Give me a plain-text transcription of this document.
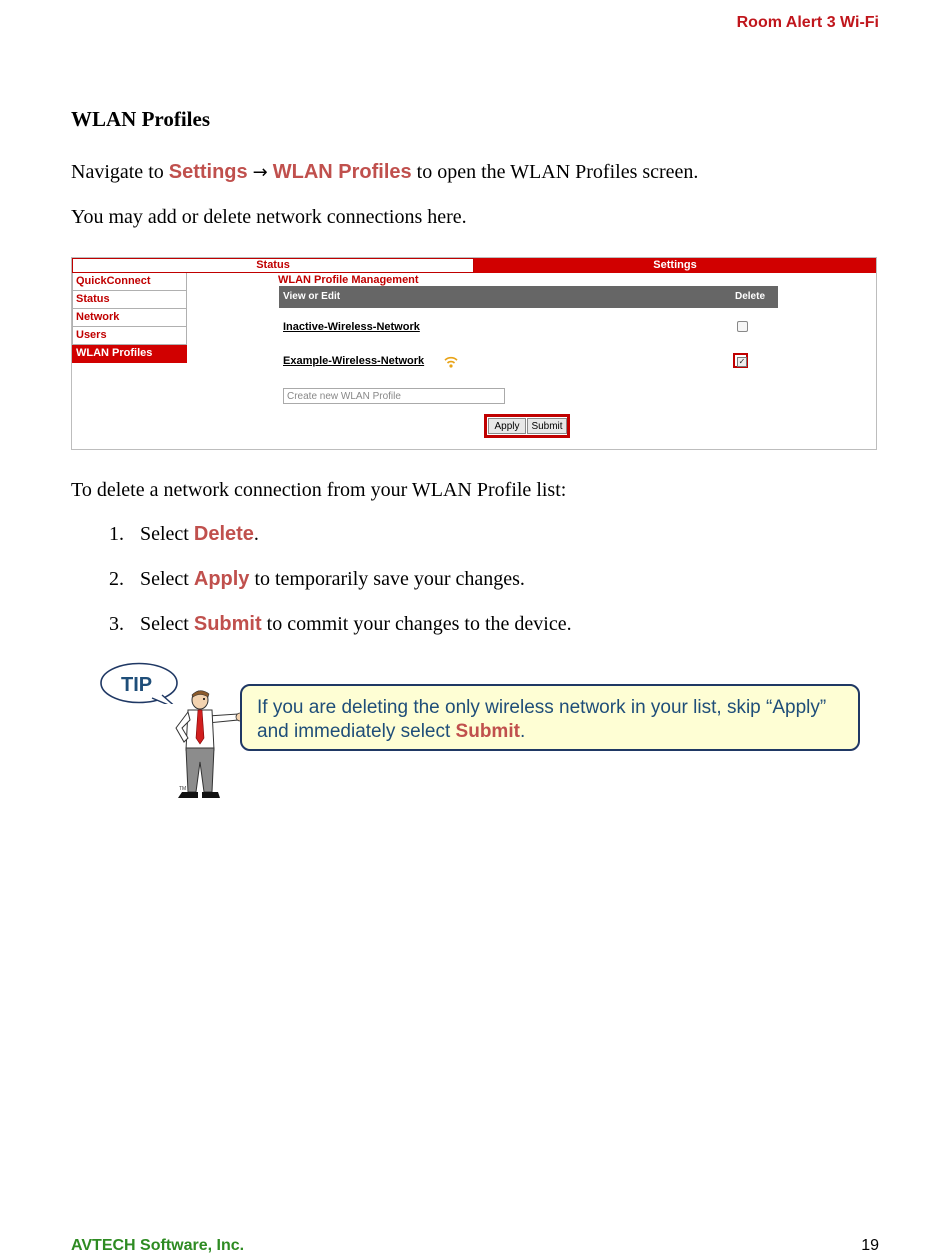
Room Alert 3 Wi-Fi
WLAN Profiles
Navigate to Settings → WLAN Profiles to open the WLAN Profiles screen.
You may add or delete network connections here.
Status	Settings
QuickConnect
Status
Network
Users
WLAN Profiles
WLAN Profile Management
View or Edit	Delete
Inactive-Wireless-Network
Example-Wireless-Network	✓
Create new WLAN Profile
Apply	Submit
To delete a network connection from your WLAN Profile list:
1. Select Delete.
2. Select Apply to temporarily save your changes.
3. Select Submit to commit your changes to the device.
TIP
TM
If you are deleting the only wireless network in your list, skip “Apply” and immediately select Submit.
AVTECH Software, Inc.	19
